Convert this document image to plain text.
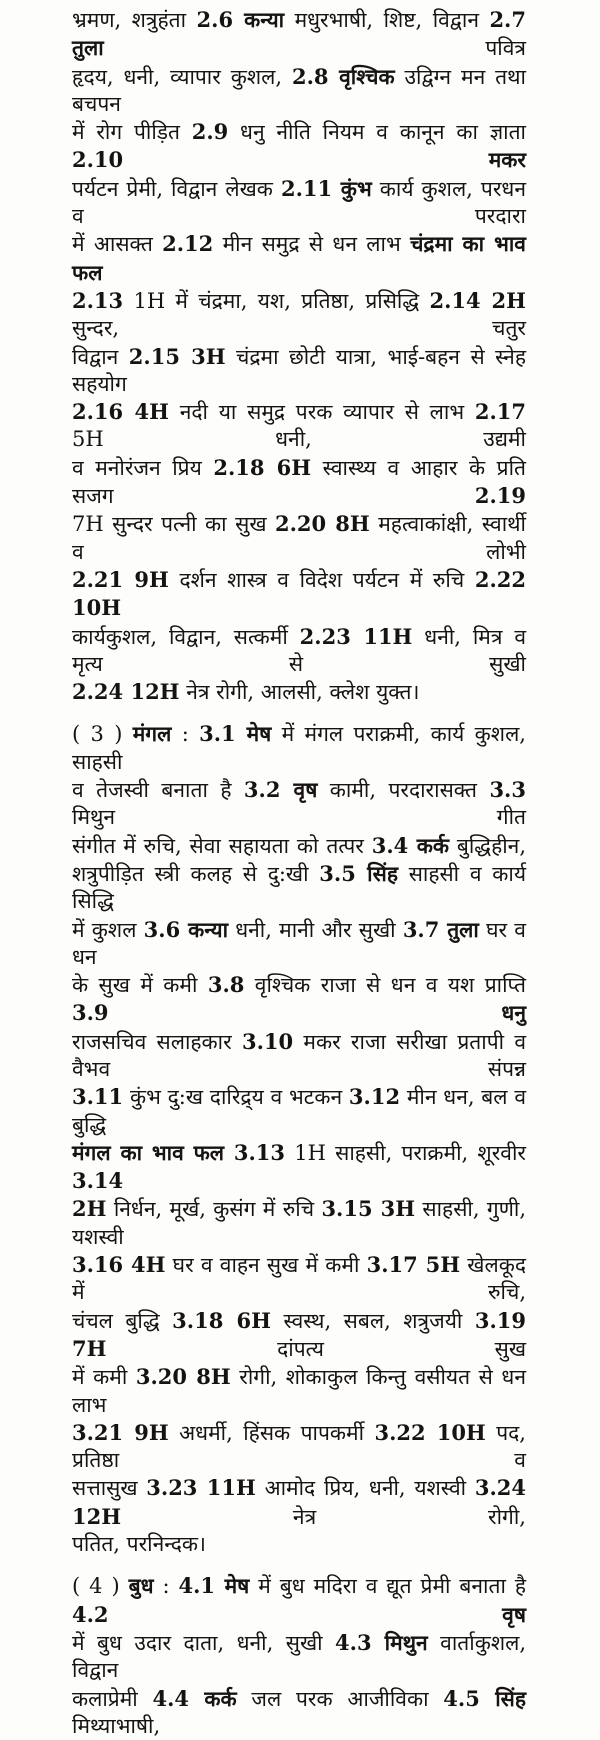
भ्रमण, शत्रुहंता 2.6 कन्या मधुरभाषी, शिष्ट, विद्वान 2.7 तुला पवित्र
हृदय, धनी, व्यापार कुशल, 2.8 वृश्चिक उद्विग्न मन तथा बचपन
में रोग पीड़ित 2.9 धनु नीति नियम व कानून का ज्ञाता 2.10 मकर
पर्यटन प्रेमी, विद्वान लेखक 2.11 कुंभ कार्य कुशल, परधन व परदारा
में आसक्त 2.12 मीन समुद्र से धन लाभ चंद्रमा का भाव फल
2.13 1H में चंद्रमा, यश, प्रतिष्ठा, प्रसिद्धि 2.14 2H सुन्दर, चतुर
विद्वान 2.15 3H चंद्रमा छोटी यात्रा, भाई-बहन से स्नेह सहयोग
2.16 4H नदी या समुद्र परक व्यापार से लाभ 2.17 5H धनी, उद्यमी
व मनोरंजन प्रिय 2.18 6H स्वास्थ्य व आहार के प्रति सजग 2.19
7H सुन्दर पत्नी का सुख 2.20 8H महत्वाकांक्षी, स्वार्थी व लोभी
2.21 9H दर्शन शास्त्र व विदेश पर्यटन में रुचि 2.22 10H
कार्यकुशल, विद्वान, सत्कर्मी 2.23 11H धनी, मित्र व मृत्य से सुखी
2.24 12H नेत्र रोगी, आलसी, क्लेश युक्त।
( 3 ) मंगल : 3.1 मेष में मंगल पराक्रमी, कार्य कुशल, साहसी
व तेजस्वी बनाता है 3.2 वृष कामी, परदारासक्त 3.3 मिथुन गीत
संगीत में रुचि, सेवा सहायता को तत्पर 3.4 कर्क बुद्धिहीन,
शत्रुपीड़ित स्त्री कलह से दु:खी 3.5 सिंह साहसी व कार्य सिद्धि
में कुशल 3.6 कन्या धनी, मानी और सुखी 3.7 तुला घर व धन
के सुख में कमी 3.8 वृश्चिक राजा से धन व यश प्राप्ति 3.9 धनु
राजसचिव सलाहकार 3.10 मकर राजा सरीखा प्रतापी व वैभव संपन्न
3.11 कुंभ दु:ख दारिद्र्य व भटकन 3.12 मीन धन, बल व बुद्धि
मंगल का भाव फल 3.13 1H साहसी, पराक्रमी, शूरवीर 3.14
2H निर्धन, मूर्ख, कुसंग में रुचि 3.15 3H साहसी, गुणी, यशस्वी
3.16 4H घर व वाहन सुख में कमी 3.17 5H खेलकूद में रुचि,
चंचल बुद्धि 3.18 6H स्वस्थ, सबल, शत्रुजयी 3.19 7H दांपत्य सुख
में कमी 3.20 8H रोगी, शोकाकुल किन्तु वसीयत से धन लाभ
3.21 9H अधर्मी, हिंसक पापकर्मी 3.22 10H पद, प्रतिष्ठा व
सत्तासुख 3.23 11H आमोद प्रिय, धनी, यशस्वी 3.24 12H नेत्र रोगी,
पतित, परनिन्दक।
( 4 ) बुध : 4.1 मेष में बुध मदिरा व द्यूत प्रेमी बनाता है 4.2 वृष
में बुध उदार दाता, धनी, सुखी 4.3 मिथुन वार्ताकुशल, विद्वान
कलाप्रेमी 4.4 कर्क जल परक आजीविका 4.5 सिंह मिथ्याभाषी,
